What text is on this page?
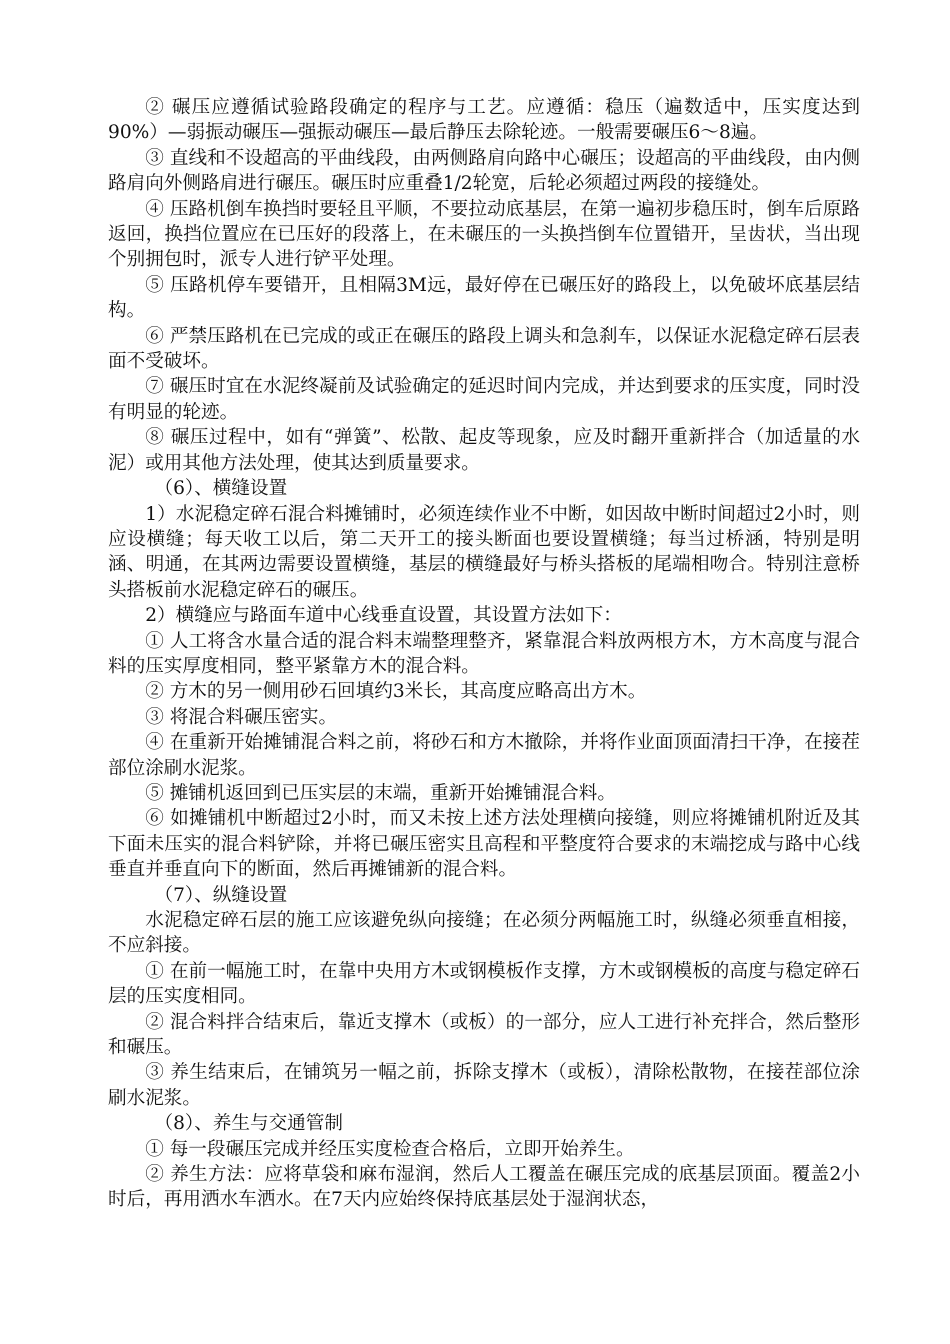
② 碾压应遵循试验路段确定的程序与工艺。应遵循：稳压（遍数适中，压实度达到90%）—弱振动碾压—强振动碾压—最后静压去除轮迹。一般需要碾压6～8遍。

③ 直线和不设超高的平曲线段，由两侧路肩向路中心碾压；设超高的平曲线段，由内侧路肩向外侧路肩进行碾压。碾压时应重叠1/2轮宽，后轮必须超过两段的接缝处。

④ 压路机倒车换挡时要轻且平顺，不要拉动底基层，在第一遍初步稳压时，倒车后原路返回，换挡位置应在已压好的段落上，在未碾压的一头换挡倒车位置错开，呈齿状，当出现个别拥包时，派专人进行铲平处理。

⑤ 压路机停车要错开，且相隔3M远，最好停在已碾压好的路段上，以免破坏底基层结构。

⑥ 严禁压路机在已完成的或正在碾压的路段上调头和急刹车，以保证水泥稳定碎石层表面不受破坏。

⑦ 碾压时宜在水泥终凝前及试验确定的延迟时间内完成，并达到要求的压实度，同时没有明显的轮迹。

⑧ 碾压过程中，如有“弹簧”、松散、起皮等现象，应及时翻开重新拌合（加适量的水泥）或用其他方法处理，使其达到质量要求。

（6）、横缝设置

1）水泥稳定碎石混合料摊铺时，必须连续作业不中断，如因故中断时间超过2小时，则应设横缝；每天收工以后，第二天开工的接头断面也要设置横缝；每当过桥涵，特别是明涵、明通，在其两边需要设置横缝，基层的横缝最好与桥头搭板的尾端相吻合。特别注意桥头搭板前水泥稳定碎石的碾压。

2）横缝应与路面车道中心线垂直设置，其设置方法如下：

① 人工将含水量合适的混合料末端整理整齐，紧靠混合料放两根方木，方木高度与混合料的压实厚度相同，整平紧靠方木的混合料。

② 方木的另一侧用砂石回填约3米长，其高度应略高出方木。

③ 将混合料碾压密实。

④ 在重新开始摊铺混合料之前，将砂石和方木撤除，并将作业面顶面清扫干净，在接茬部位涂刷水泥浆。

⑤ 摊铺机返回到已压实层的末端，重新开始摊铺混合料。

⑥ 如摊铺机中断超过2小时，而又未按上述方法处理横向接缝，则应将摊铺机附近及其下面未压实的混合料铲除，并将已碾压密实且高程和平整度符合要求的末端挖成与路中心线垂直并垂直向下的断面，然后再摊铺新的混合料。

（7）、纵缝设置

水泥稳定碎石层的施工应该避免纵向接缝；在必须分两幅施工时，纵缝必须垂直相接，不应斜接。

① 在前一幅施工时，在靠中央用方木或钢模板作支撑，方木或钢模板的高度与稳定碎石层的压实度相同。

② 混合料拌合结束后，靠近支撑木（或板）的一部分，应人工进行补充拌合，然后整形和碾压。

③ 养生结束后，在铺筑另一幅之前，拆除支撑木（或板），清除松散物，在接茬部位涂刷水泥浆。

（8）、养生与交通管制

① 每一段碾压完成并经压实度检查合格后，立即开始养生。

② 养生方法：应将草袋和麻布湿润，然后人工覆盖在碾压完成的底基层顶面。覆盖2小时后，再用洒水车洒水。在7天内应始终保持底基层处于湿润状态，
